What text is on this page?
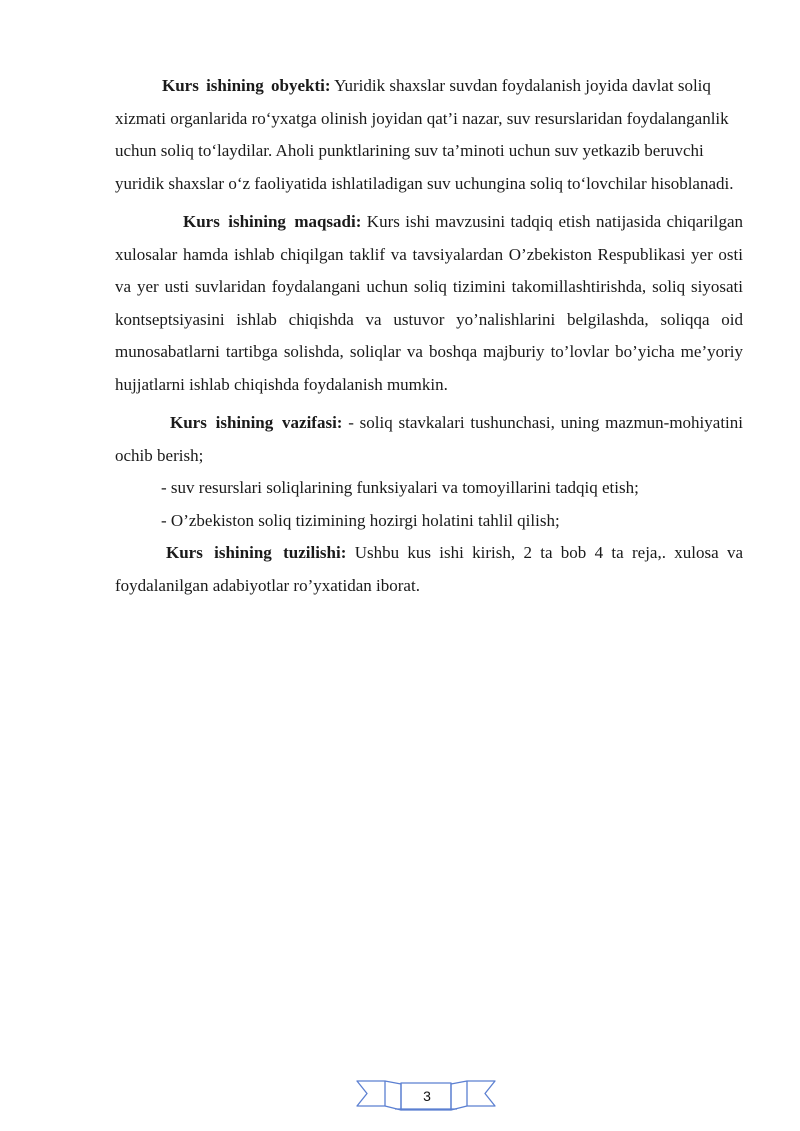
Kurs ishining obyekti: Yuridik shaxslar suvdan foydalanish joyida davlat soliq xizmati organlarida ro‘yxatga olinish joyidan qat’i nazar, suv resurslaridan foydalanganlik uchun soliq to‘laydilar. Aholi punktlarining suv ta’minoti uchun suv yetkazib beruvchi yuridik shaxslar o‘z faoliyatida ishlatiladigan suv uchungina soliq to‘lovchilar hisoblanadi.

Kurs ishining maqsadi: Kurs ishi mavzusini tadqiq etish natijasida chiqarilgan xulosalar hamda ishlab chiqilgan taklif va tavsiyalardan O’zbekiston Respublikasi yer osti va yer usti suvlaridan foydalangani uchun soliq tizimini takomillashtirishda, soliq siyosati kontseptsiyasini ishlab chiqishda va ustuvor yo’nalishlarini belgilashda, soliqqa oid munosabatlarni tartibga solishda, soliqlar va boshqa majburiy to’lovlar bo’yicha me’yoriy hujjatlarni ishlab chiqishda foydalanish mumkin.

Kurs ishining vazifasi: - soliq stavkalari tushunchasi, uning mazmun-mohiyatini ochib berish;

- suv resurslari soliqlarining funksiyalari va tomoyillarini tadqiq etish;

- O’zbekiston soliq tizimining hozirgi holatini tahlil qilish;

Kurs ishining tuzilishi: Ushbu kus ishi kirish, 2 ta bob 4 ta reja,. xulosa va foydalanilgan adabiyotlar ro’yxatidan iborat.

3
